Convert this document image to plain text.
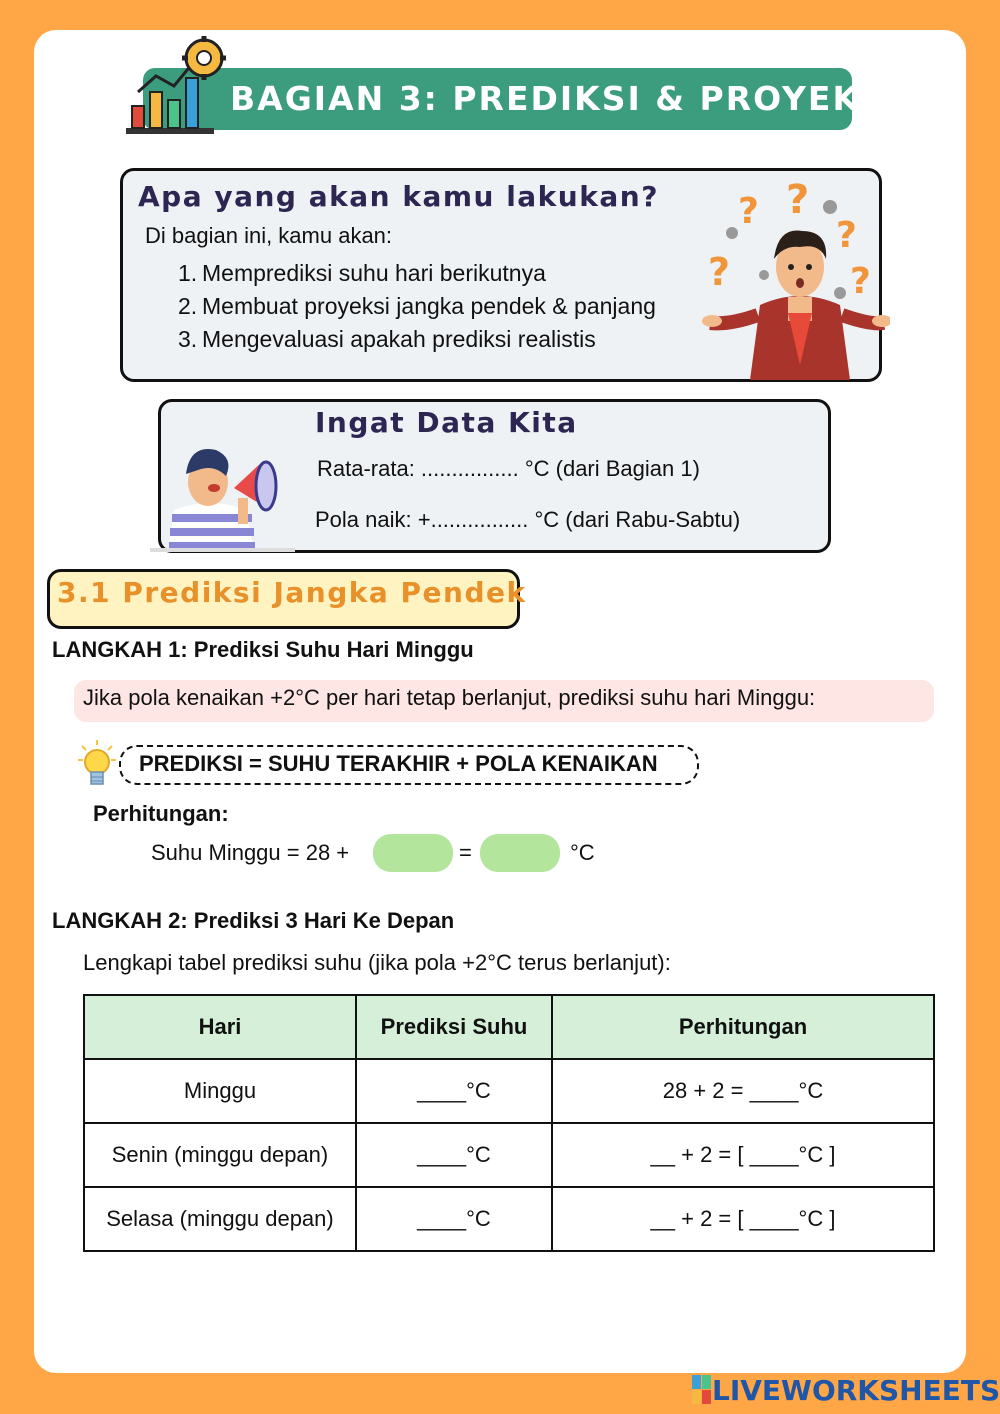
BAGIAN 3: PREDIKSI & PROYEKSI
Apa yang akan kamu lakukan?
Di bagian ini, kamu akan:
1. Memprediksi suhu hari berikutnya
2. Membuat proyeksi jangka pendek & panjang
3. Mengevaluasi apakah prediksi realistis
? ?
?
?	?
Ingat Data Kita
Rata-rata: ................ °C (dari Bagian 1)
Pola naik: +................ °C (dari Rabu-Sabtu)
3.1 Prediksi Jangka Pendek
LANGKAH 1: Prediksi Suhu Hari Minggu
Jika pola kenaikan +2°C per hari tetap berlanjut, prediksi suhu hari Minggu:
PREDIKSI = SUHU TERAKHIR + POLA KENAIKAN
Perhitungan:
Suhu Minggu = 28 +	=	°C
LANGKAH 2: Prediksi 3 Hari Ke Depan
Lengkapi tabel prediksi suhu (jika pola +2°C terus berlanjut):
Hari	Prediksi Suhu	Perhitungan
Minggu	____°C	28 + 2 = ____°C
Senin (minggu depan)	____°C	__ + 2 = [ ____°C ]
Selasa (minggu depan)	____°C	__ + 2 = [ ____°C ]
LIVEWORKSHEETS
